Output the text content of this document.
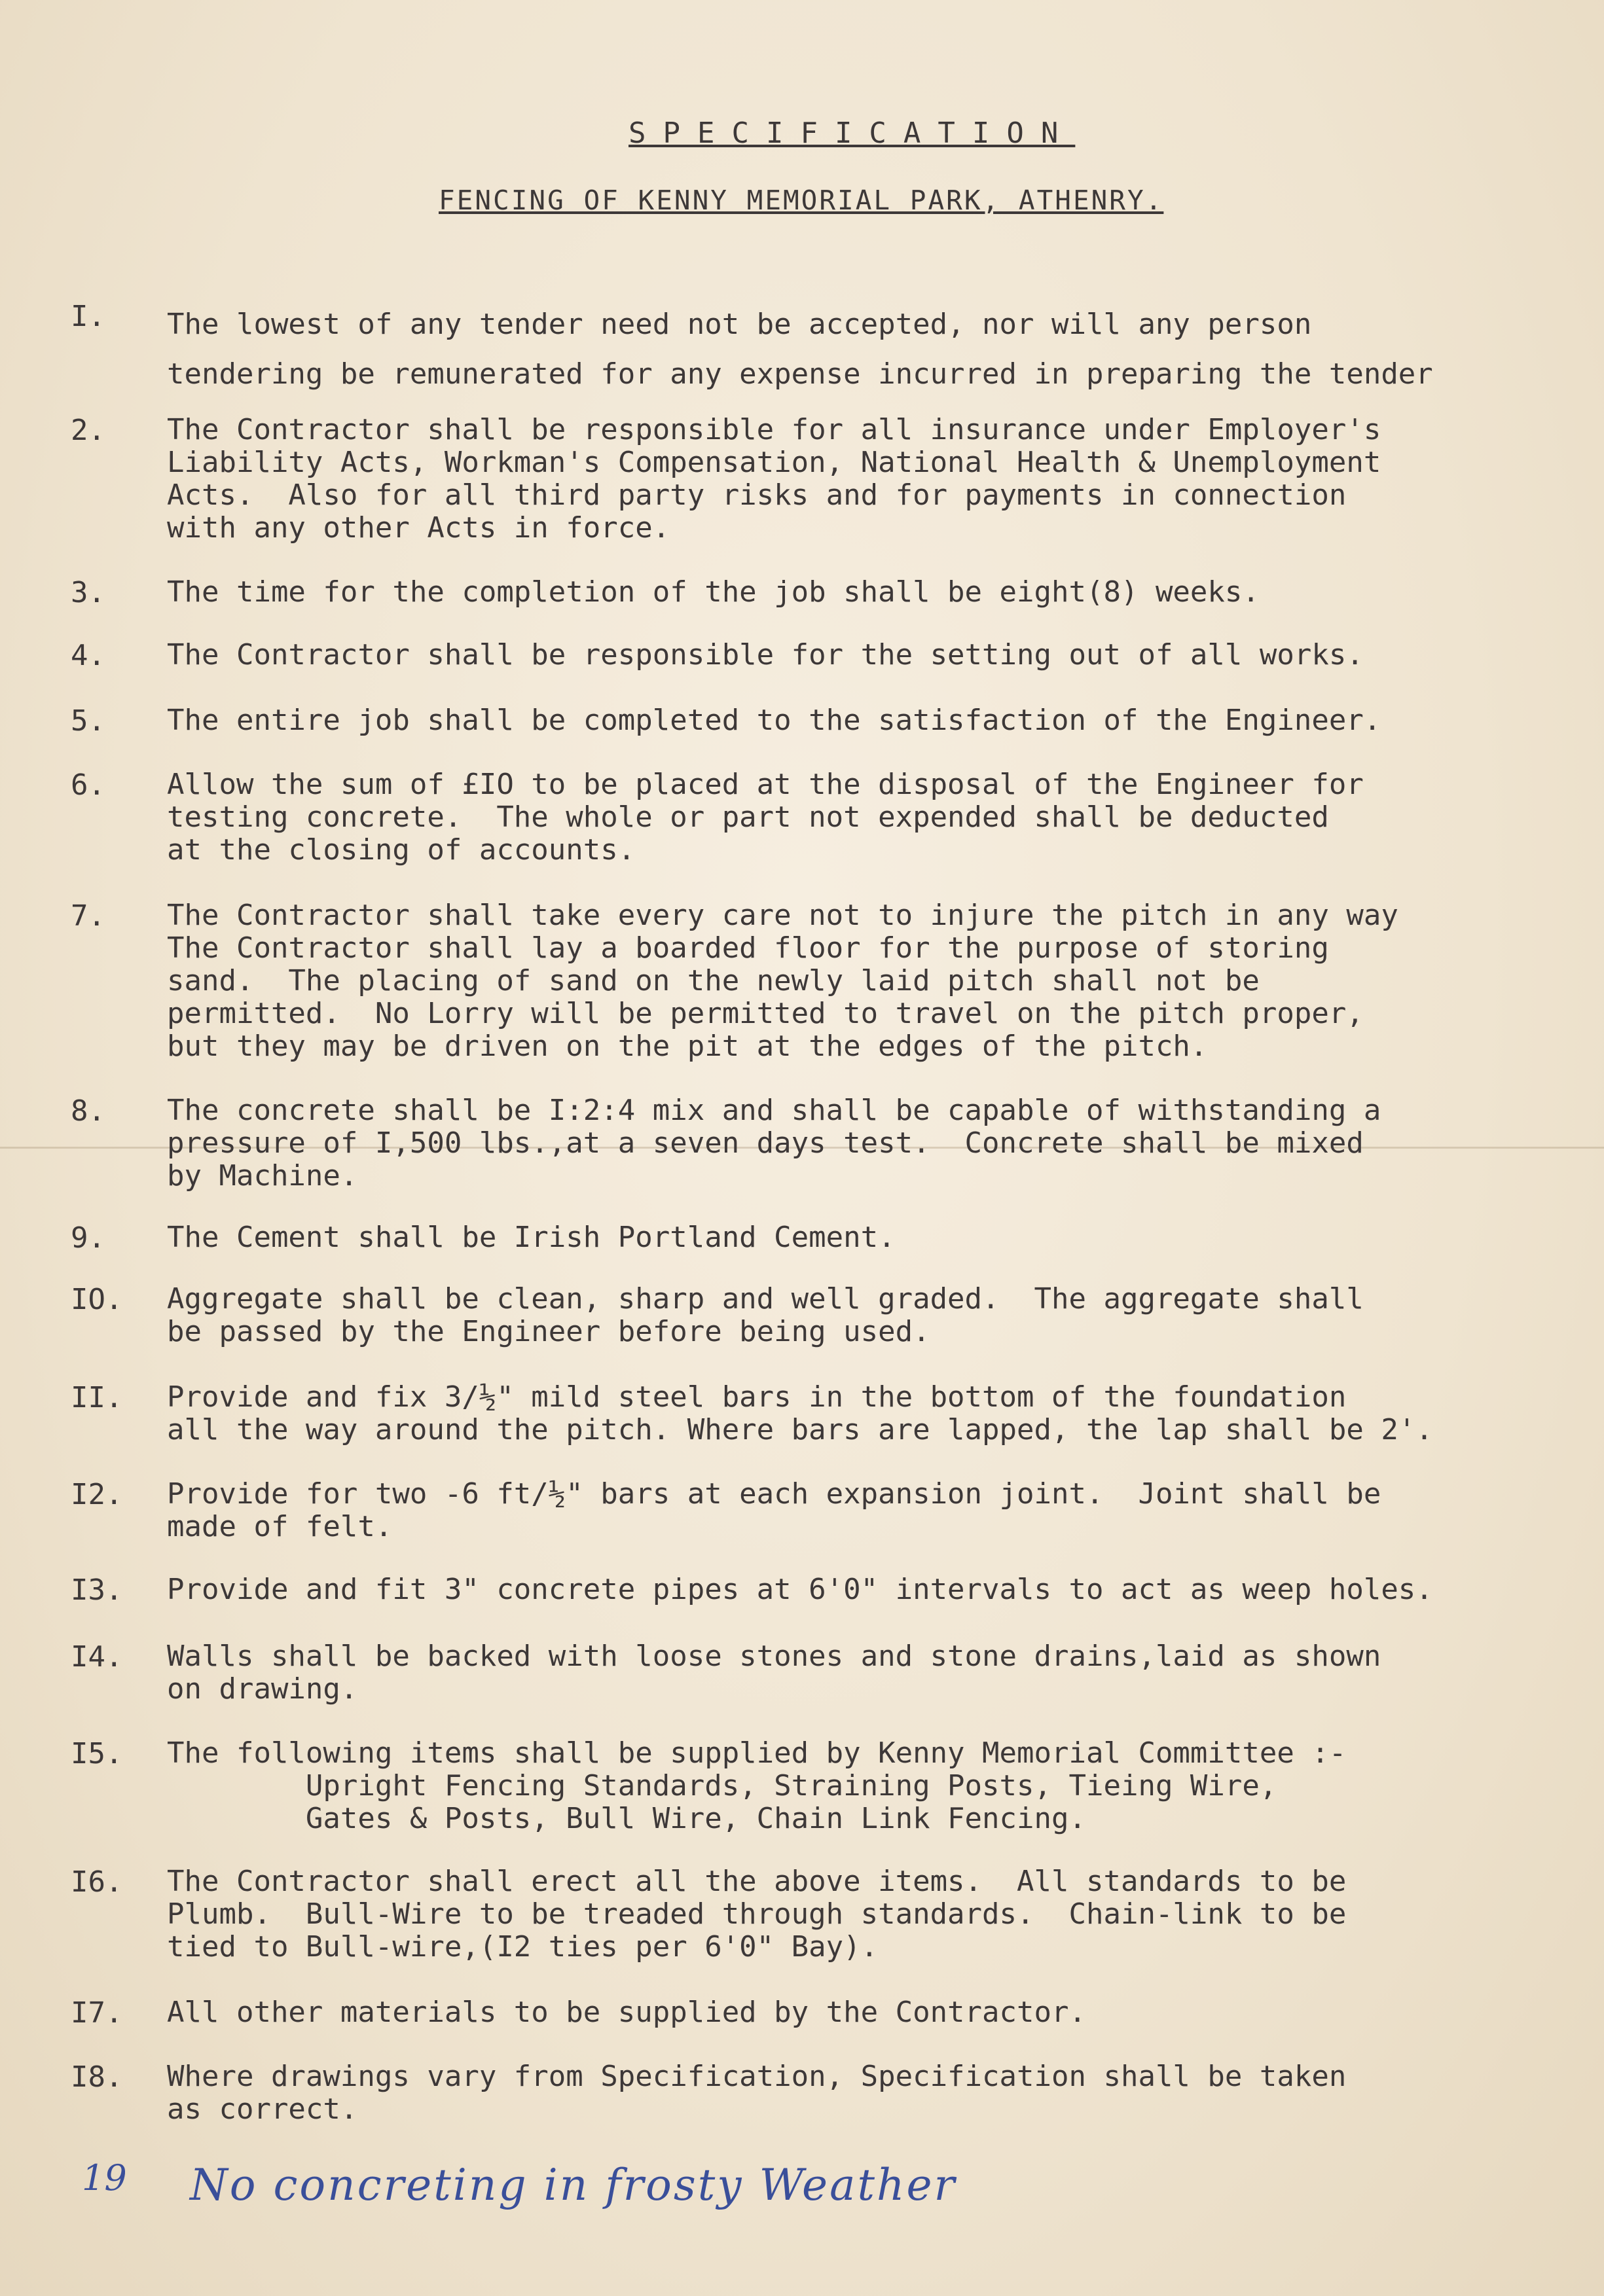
SPECIFICATION
FENCING OF KENNY MEMORIAL PARK, ATHENRY.
I. The lowest of any tender need not be accepted, nor will any person
tendering be remunerated for any expense incurred in preparing the tender
2. The Contractor shall be responsible for all insurance under Employer's
Liability Acts, Workman's Compensation, National Health & Unemployment
Acts.  Also for all third party risks and for payments in connection
with any other Acts in force.
3. The time for the completion of the job shall be eight(8) weeks.
4. The Contractor shall be responsible for the setting out of all works.
5. The entire job shall be completed to the satisfaction of the Engineer.
6. Allow the sum of £IO to be placed at the disposal of the Engineer for
testing concrete.  The whole or part not expended shall be deducted
at the closing of accounts.
7. The Contractor shall take every care not to injure the pitch in any way
The Contractor shall lay a boarded floor for the purpose of storing
sand.  The placing of sand on the newly laid pitch shall not be
permitted.  No Lorry will be permitted to travel on the pitch proper,
but they may be driven on the pit at the edges of the pitch.
8. The concrete shall be I:2:4 mix and shall be capable of withstanding a
pressure of I,500 lbs.,at a seven days test.  Concrete shall be mixed
by Machine.
9. The Cement shall be Irish Portland Cement.
IO. Aggregate shall be clean, sharp and well graded.  The aggregate shall
be passed by the Engineer before being used.
II. Provide and fix 3/½" mild steel bars in the bottom of the foundation
all the way around the pitch. Where bars are lapped, the lap shall be 2'.
I2. Provide for two -6 ft/½" bars at each expansion joint.  Joint shall be
made of felt.
I3. Provide and fit 3" concrete pipes at 6'0" intervals to act as weep holes.
I4. Walls shall be backed with loose stones and stone drains,laid as shown
on drawing.
I5. The following items shall be supplied by Kenny Memorial Committee :-
Upright Fencing Standards, Straining Posts, Tieing Wire,
Gates & Posts, Bull Wire, Chain Link Fencing.
I6. The Contractor shall erect all the above items.  All standards to be
Plumb.  Bull-Wire to be treaded through standards.  Chain-link to be
tied to Bull-wire,(I2 ties per 6'0" Bay).
I7. All other materials to be supplied by the Contractor.
I8. Where drawings vary from Specification, Specification shall be taken
as correct.
19 No concreting in frosty Weather
